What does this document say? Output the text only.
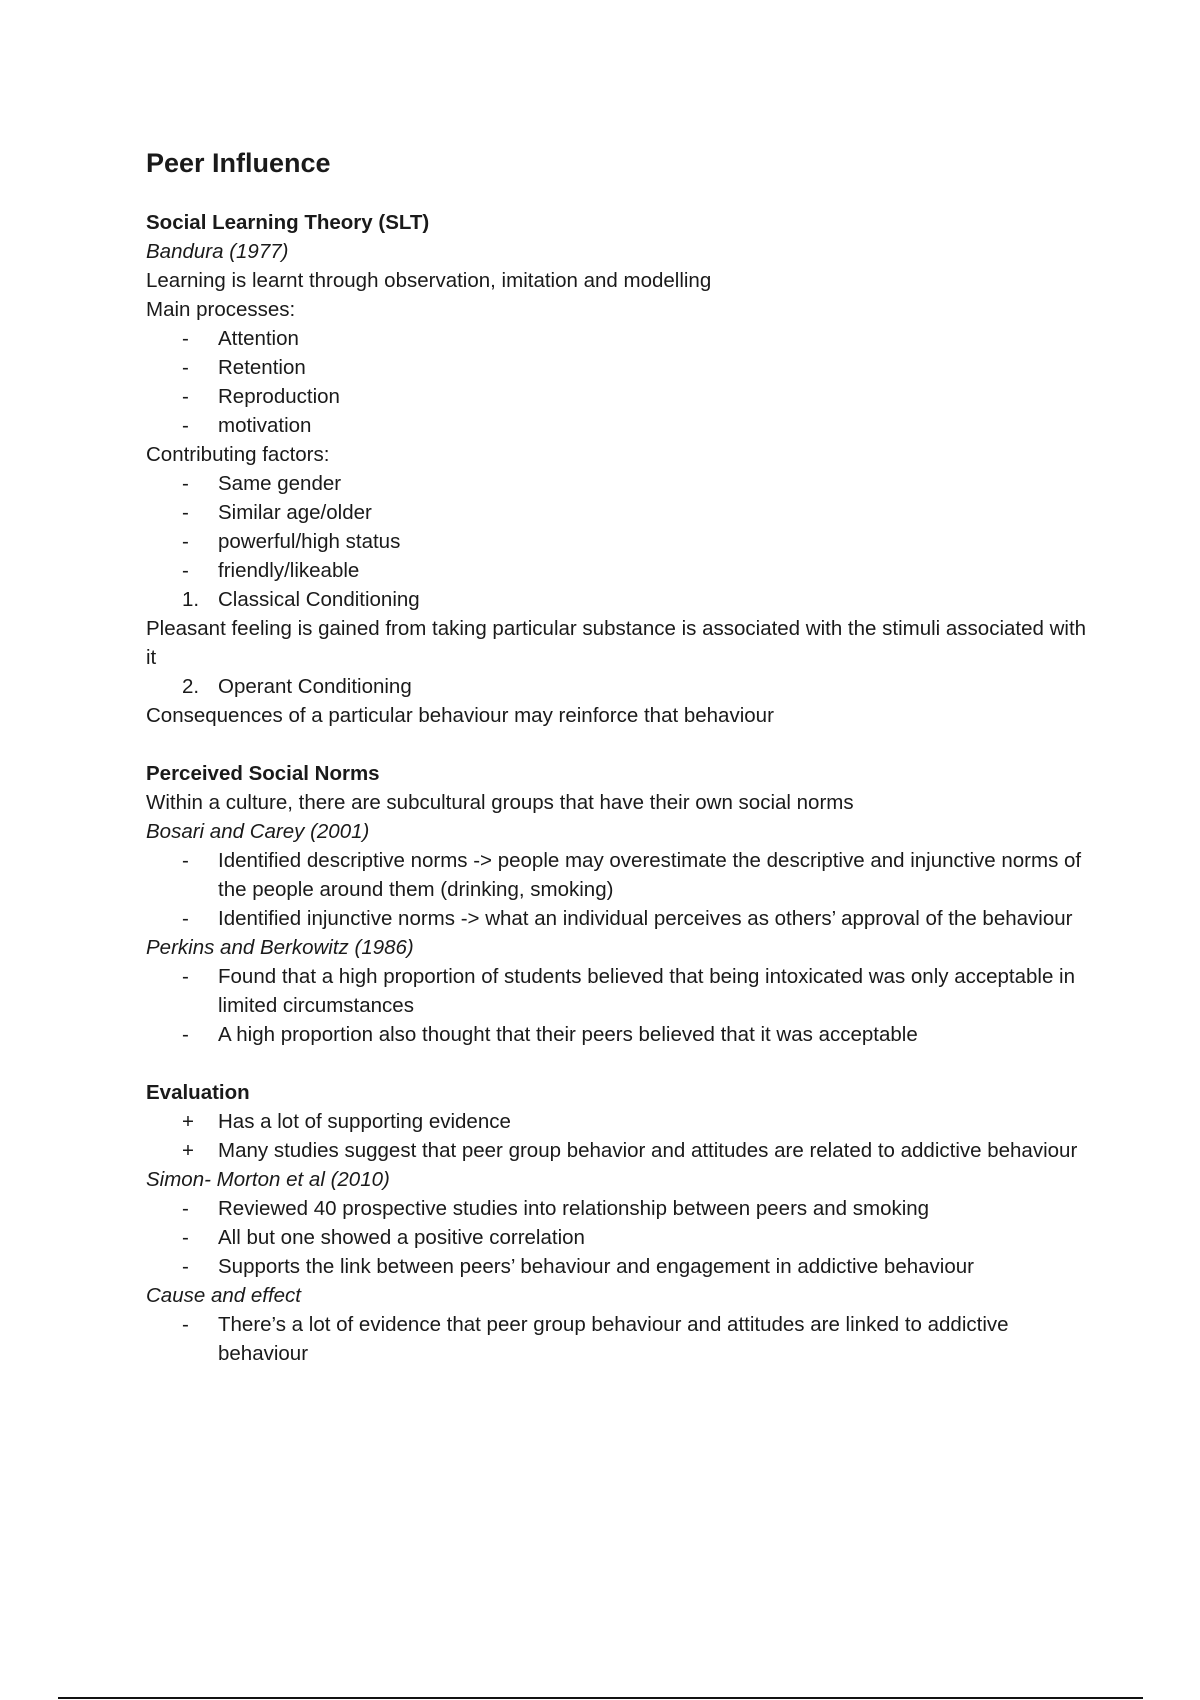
Peer Influence

Social Learning Theory (SLT)

Bandura (1977)

Learning is learnt through observation, imitation and modelling

Main processes:

-	Attention
-	Retention
-	Reproduction
-	motivation

Contributing factors:

-	Same gender
-	Similar age/older
-	powerful/high status
-	friendly/likeable
1. Classical Conditioning

Pleasant feeling is gained from taking particular substance is associated with the stimuli associated with it

2. Operant Conditioning

Consequences of a particular behaviour may reinforce that behaviour

Perceived Social Norms

Within a culture, there are subcultural groups that have their own social norms

Bosari and Carey (2001)

-	Identified descriptive norms -> people may overestimate the descriptive and injunctive norms of the people around them (drinking, smoking)
-	Identified injunctive norms -> what an individual perceives as others’ approval of the behaviour

Perkins and Berkowitz (1986)

-	Found that a high proportion of students believed that being intoxicated was only acceptable in limited circumstances
-	A high proportion also thought that their peers believed that it was acceptable

Evaluation

+	Has a lot of supporting evidence
+	Many studies suggest that peer group behavior and attitudes are related to addictive behaviour

Simon- Morton et al (2010)

-	Reviewed 40 prospective studies into relationship between peers and smoking
-	All but one showed a positive correlation
-	Supports the link between peers’ behaviour and engagement in addictive behaviour

Cause and effect

-	There’s a lot of evidence that peer group behaviour and attitudes are linked to addictive behaviour
